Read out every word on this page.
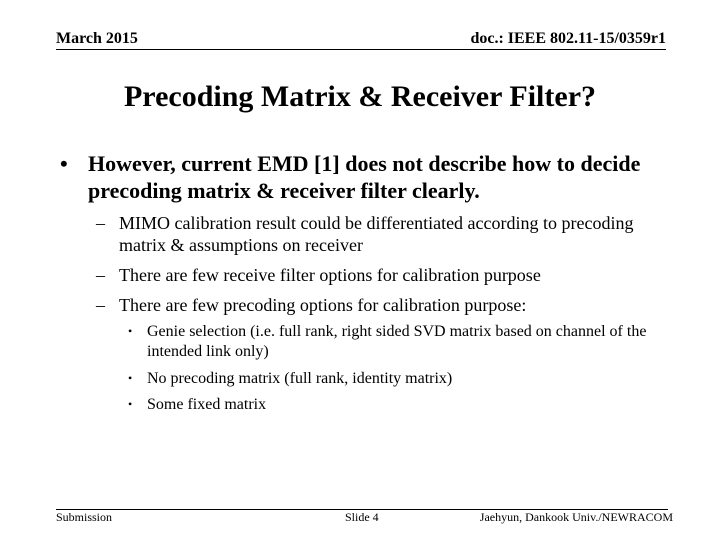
March 2015	doc.: IEEE 802.11-15/0359r1
Precoding Matrix & Receiver Filter?
• However, current EMD [1] does not describe how to decide precoding matrix & receiver filter clearly.
– MIMO calibration result could be differentiated according to precoding matrix & assumptions on receiver
– There are few receive filter options for calibration purpose
– There are few precoding options for calibration purpose:
• Genie selection (i.e. full rank, right sided SVD matrix based on channel of the intended link only)
• No precoding matrix (full rank, identity matrix)
• Some fixed matrix
Submission	Slide 4	Jaehyun, Dankook Univ./NEWRACOM
